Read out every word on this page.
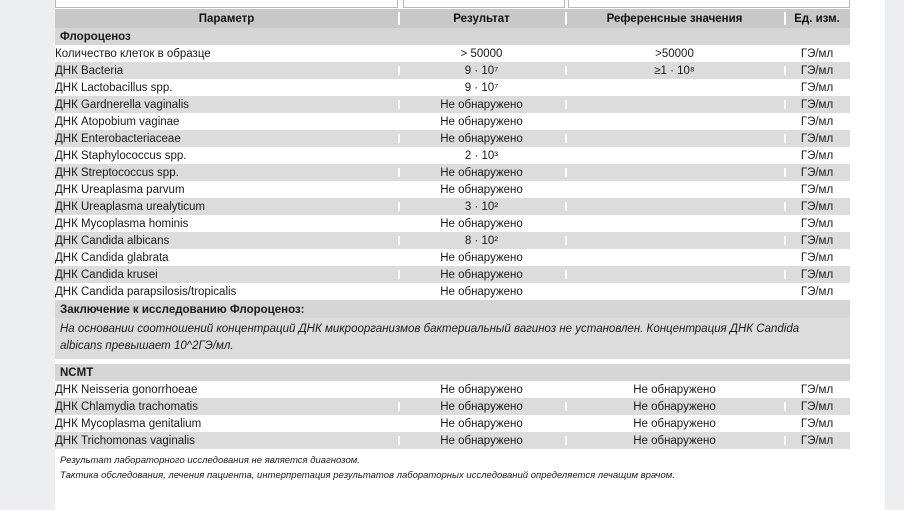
Параметр	Результат	Референсные значения	Ед. изм.
Флороценоз			
Количество клеток в образце	> 50000	>50000	ГЭ/мл
ДНК Bacteria	9 · 10⁷	≥1 · 10⁸	ГЭ/мл
ДНК Lactobacillus spp.	9 · 10⁷		ГЭ/мл
ДНК Gardnerella vaginalis	Не обнаружено		ГЭ/мл
ДНК Atopobium vaginae	Не обнаружено		ГЭ/мл
ДНК Enterobacteriaceae	Не обнаружено		ГЭ/мл
ДНК Staphylococcus spp.	2 · 10³		ГЭ/мл
ДНК Streptococcus spp.	Не обнаружено		ГЭ/мл
ДНК Ureaplasma parvum	Не обнаружено		ГЭ/мл
ДНК Ureaplasma urealyticum	3 · 10²		ГЭ/мл
ДНК Mycoplasma hominis	Не обнаружено		ГЭ/мл
ДНК Candida albicans	8 · 10²		ГЭ/мл
ДНК Candida glabrata	Не обнаружено		ГЭ/мл
ДНК Candida krusei	Не обнаружено		ГЭ/мл
ДНК Candida parapsilosis/tropicalis	Не обнаружено		ГЭ/мл
Заключение к исследованию Флороценоз:			
На основании соотношений концентраций ДНК микроорганизмов бактериальный вагиноз не установлен. Концентрация ДНК Candida albicans превышает 10^2ГЭ/мл.			

NCMT			
ДНК Neisseria gonorrhoeae	Не обнаружено	Не обнаружено	ГЭ/мл
ДНК Chlamydia trachomatis	Не обнаружено	Не обнаружено	ГЭ/мл
ДНК Mycoplasma genitalium	Не обнаружено	Не обнаружено	ГЭ/мл
ДНК Trichomonas vaginalis	Не обнаружено	Не обнаружено	ГЭ/мл
Результат лабораторного исследования не является диагнозом.
Тактика обследования, лечения пациента, интерпретация результатов лабораторных исследований определяется лечащим врачом.
